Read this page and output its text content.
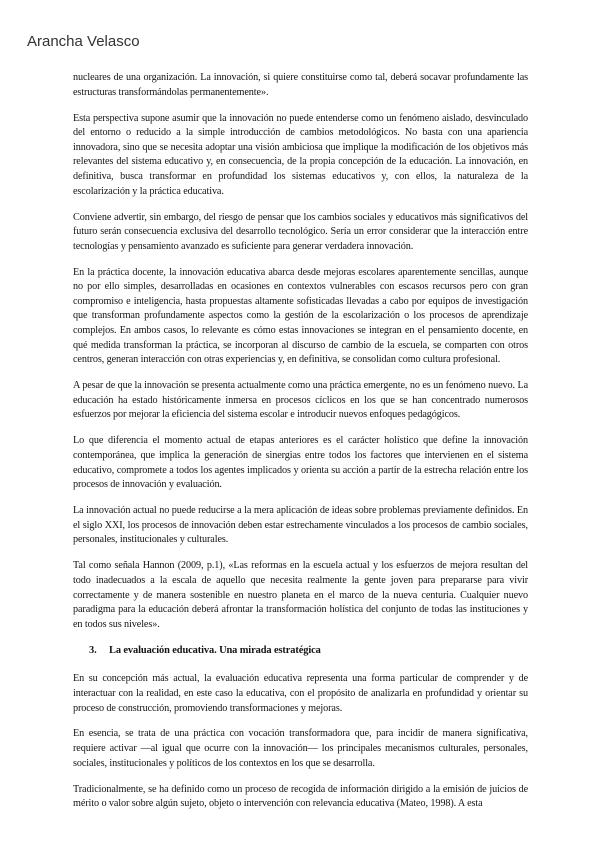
Arancha Velasco

nucleares de una organización. La innovación, si quiere constituirse como tal, deberá socavar profundamente las estructuras transformándolas permanentemente».

Esta perspectiva supone asumir que la innovación no puede entenderse como un fenómeno aislado, desvinculado del entorno o reducido a la simple introducción de cambios metodológicos. No basta con una apariencia innovadora, sino que se necesita adoptar una visión ambiciosa que implique la modificación de los objetivos más relevantes del sistema educativo y, en consecuencia, de la propia concepción de la educación. La innovación, en definitiva, busca transformar en profundidad los sistemas educativos y, con ellos, la naturaleza de la escolarización y la práctica educativa.

Conviene advertir, sin embargo, del riesgo de pensar que los cambios sociales y educativos más significativos del futuro serán consecuencia exclusiva del desarrollo tecnológico. Sería un error considerar que la interacción entre tecnologías y pensamiento avanzado es suficiente para generar verdadera innovación.

En la práctica docente, la innovación educativa abarca desde mejoras escolares aparentemente sencillas, aunque no por ello simples, desarrolladas en ocasiones en contextos vulnerables con escasos recursos pero con gran compromiso e inteligencia, hasta propuestas altamente sofisticadas llevadas a cabo por equipos de investigación que transforman profundamente aspectos como la gestión de la escolarización o los procesos de aprendizaje complejos. En ambos casos, lo relevante es cómo estas innovaciones se integran en el pensamiento docente, en qué medida transforman la práctica, se incorporan al discurso de cambio de la escuela, se comparten con otros centros, generan interacción con otras experiencias y, en definitiva, se consolidan como cultura profesional.

A pesar de que la innovación se presenta actualmente como una práctica emergente, no es un fenómeno nuevo. La educación ha estado históricamente inmersa en procesos cíclicos en los que se han concentrado numerosos esfuerzos por mejorar la eficiencia del sistema escolar e introducir nuevos enfoques pedagógicos.

Lo que diferencia el momento actual de etapas anteriores es el carácter holístico que define la innovación contemporánea, que implica la generación de sinergias entre todos los factores que intervienen en el sistema educativo, compromete a todos los agentes implicados y orienta su acción a partir de la estrecha relación entre los procesos de innovación y evaluación.

La innovación actual no puede reducirse a la mera aplicación de ideas sobre problemas previamente definidos. En el siglo XXI, los procesos de innovación deben estar estrechamente vinculados a los procesos de cambio sociales, personales, institucionales y culturales.

Tal como señala Hannon (2009, p.1), «Las reformas en la escuela actual y los esfuerzos de mejora resultan del todo inadecuados a la escala de aquello que necesita realmente la gente joven para prepararse para vivir correctamente y de manera sostenible en nuestro planeta en el marco de la nueva centuria. Cualquier nuevo paradigma para la educación deberá afrontar la transformación holística del conjunto de todas las instituciones y en todos sus niveles».

3.	La evaluación educativa. Una mirada estratégica

En su concepción más actual, la evaluación educativa representa una forma particular de comprender y de interactuar con la realidad, en este caso la educativa, con el propósito de analizarla en profundidad y orientar su proceso de construcción, promoviendo transformaciones y mejoras.

En esencia, se trata de una práctica con vocación transformadora que, para incidir de manera significativa, requiere activar —al igual que ocurre con la innovación— los principales mecanismos culturales, personales, sociales, institucionales y políticos de los contextos en los que se desarrolla.

Tradicionalmente, se ha definido como un proceso de recogida de información dirigido a la emisión de juicios de mérito o valor sobre algún sujeto, objeto o intervención con relevancia educativa (Mateo, 1998). A esta
